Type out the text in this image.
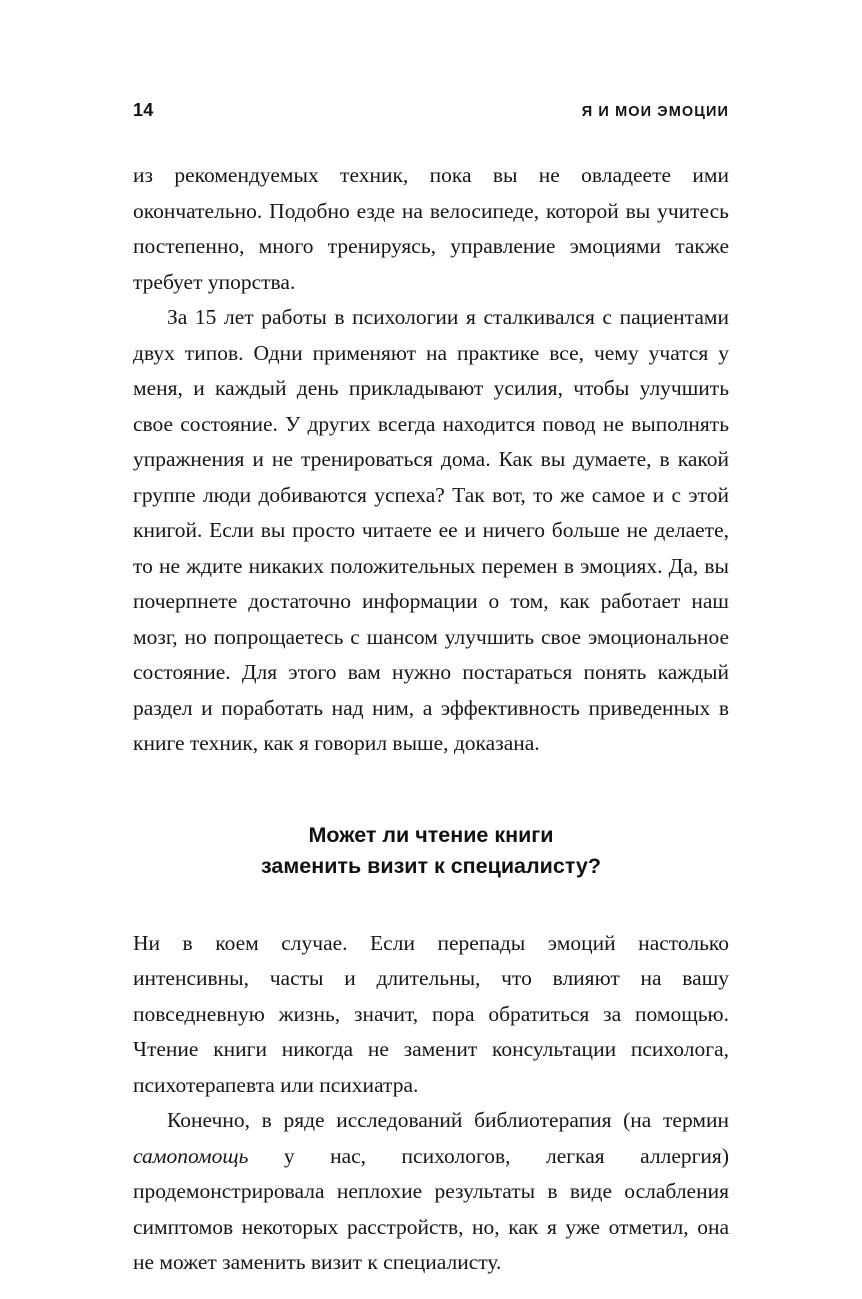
14	Я И МОИ ЭМОЦИИ

из рекомендуемых техник, пока вы не овладеете ими окончательно. Подобно езде на велосипеде, которой вы учитесь постепенно, много тренируясь, управление эмоциями также требует упорства.

За 15 лет работы в психологии я сталкивался с пациентами двух типов. Одни применяют на практике все, чему учатся у меня, и каждый день прикладывают усилия, чтобы улучшить свое состояние. У других всегда находится повод не выполнять упражнения и не тренироваться дома. Как вы думаете, в какой группе люди добиваются успеха? Так вот, то же самое и с этой книгой. Если вы просто читаете ее и ничего больше не делаете, то не ждите никаких положительных перемен в эмоциях. Да, вы почерпнете достаточно информации о том, как работает наш мозг, но попрощаетесь с шансом улучшить свое эмоциональное состояние. Для этого вам нужно постараться понять каждый раздел и поработать над ним, а эффективность приведенных в книге техник, как я говорил выше, доказана.

Может ли чтение книги
заменить визит к специалисту?

Ни в коем случае. Если перепады эмоций настолько интенсивны, часты и длительны, что влияют на вашу повседневную жизнь, значит, пора обратиться за помощью. Чтение книги никогда не заменит консультации психолога, психотерапевта или психиатра.

Конечно, в ряде исследований библиотерапия (на термин самопомощь у нас, психологов, легкая аллергия) продемонстрировала неплохие результаты в виде ослабления симптомов некоторых расстройств, но, как я уже отметил, она не может заменить визит к специалисту.
